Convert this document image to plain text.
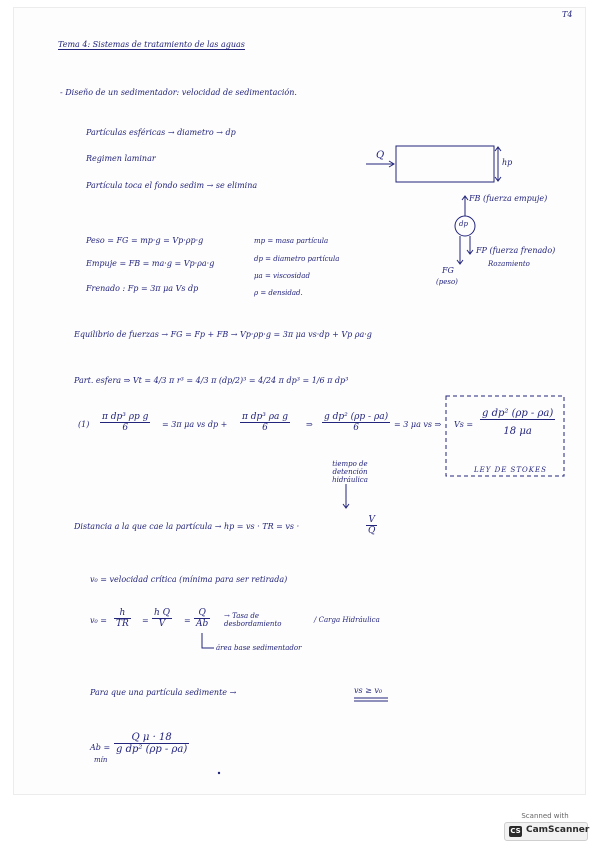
T4
Tema 4: Sistemas de tratamiento de las aguas
- Diseño de un sedimentador: velocidad de sedimentación.
Partículas esféricas → diametro → dp
Regimen laminar
Partícula toca el fondo sedim → se elimina
Q
hp
FB (fuerza empuje)
dp
FP (fuerza frenado)
Rozamiento
FG
(peso)
Peso = FG = mp·g = Vp·ρp·g
Empuje = FB = ma·g = Vp·ρa·g
Frenado : Fp = 3π μa Vs dp
mp = masa partícula
dp = diametro partícula
μa = viscosidad
ρ = densidad.
Equilibrio de fuerzas → FG = Fp + FB → Vp·ρp·g = 3π μa vs·dp + Vp ρa·g
Part. esfera ⇒ Vt = 4/3 π r³ = 4/3 π (dp/2)³ = 4/24 π dp³ = 1/6 π dp³
$(1) \frac{\text{π dp³ ρp g}}{6} = 3\pi$ μa vs dp + $\frac{\text{π dp³ ρa g}}{6}$ ⇒ $\frac{\text{g dp² (ρp - ρa)}}{6} = 3$ μa vs ⇒ $Vs = \frac{\text{g dp² (ρp - ρa)}}{18 \mu a}$
LEY DE STOKES
tiempo de detención hidráulica
Distancia a la que cae la partícula → hp = vs · TR = vs ·	$\frac{V}{Q}$
v₀ = velocidad crítica (mínima para ser retirada)
$v_0 = \frac{h}{TR} = \frac{\text{h Q}}{V} = \frac{Q}{Ab}$ → Tasa de desbordamiento	/ Carga Hidráulica
área base sedimentador
Para que una partícula sedimente →	vs ≥ v₀
Ab =
mín
$\frac{\text{Q μ · 18}}{\text{g dp² (ρp - ρa)}}$
Scanned with
CS CamScanner
